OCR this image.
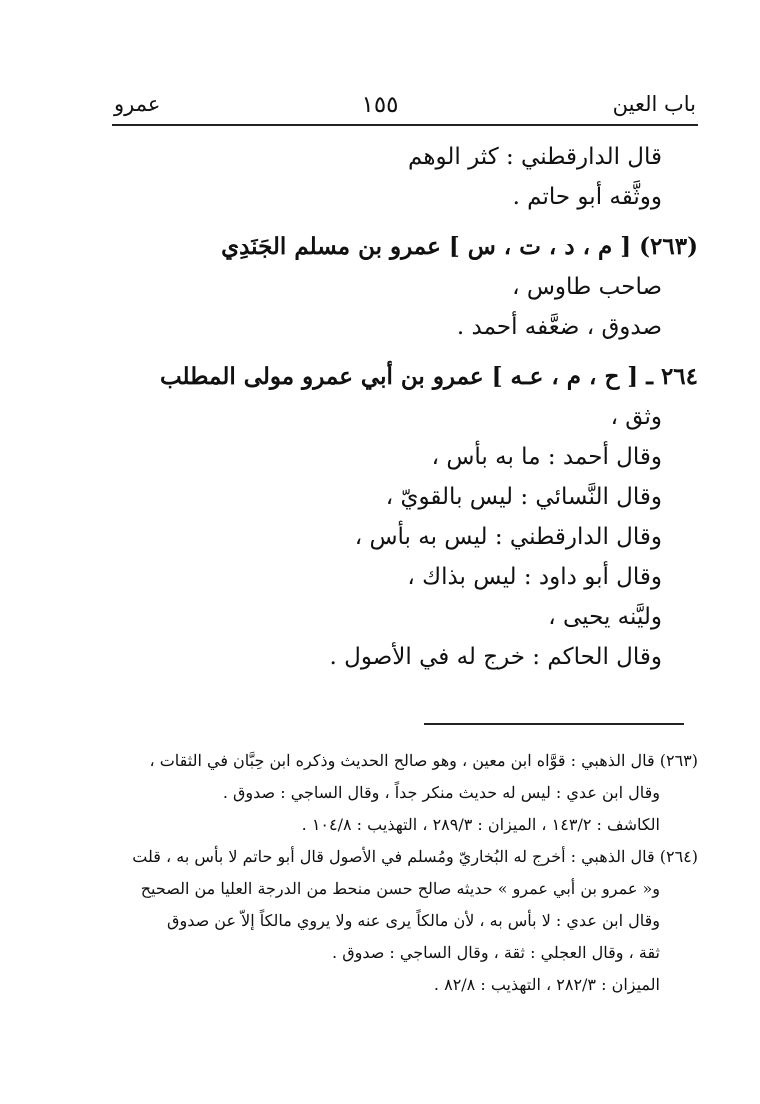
باب العين
١٥٥
عمرو
قال الدارقطني : كثر الوهم
ووثَّقه أبو حاتم .
(٢٦٣) [ م ، د ، ت ، س ] عمرو بن مسلم الجَنَدِي
صاحب طاوس ،
صدوق ، ضعَّفه أحمد .
٢٦٤ ـ [ ح ، م ، عـه ] عمرو بن أبي عمرو مولى المطلب
وثق ،
وقال أحمد : ما به بأس ،
وقال النَّسائي : ليس بالقويّ ،
وقال الدارقطني : ليس به بأس ،
وقال أبو داود : ليس بذاك ،
وليَّنه يحيى ،
وقال الحاكم : خرج له في الأصول .
(٢٦٣) قال الذهبي : قوَّاه ابن معين ، وهو صالح الحديث وذكره ابن حِبَّان في الثقات ،
وقال ابن عدي : ليس له حديث منكر جداً ، وقال الساجي : صدوق .
الكاشف : ١٤٣/٢ ، الميزان : ٢٨٩/٣ ، التهذيب : ١٠٤/٨ .
(٢٦٤) قال الذهبي : أخرج له البُخاريّ ومُسلم في الأصول قال أبو حاتم لا بأس به ، قلت
و« عمرو بن أبي عمرو » حديثه صالح حسن منحط من الدرجة العليا من الصحيح
وقال ابن عدي : لا بأس به ، لأن مالكاً يرى عنه ولا يروي مالكاً إلاّ عن صدوق
ثقة ، وقال العجلي : ثقة ، وقال الساجي : صدوق .
الميزان : ٢٨٢/٣ ، التهذيب : ٨٢/٨ .
